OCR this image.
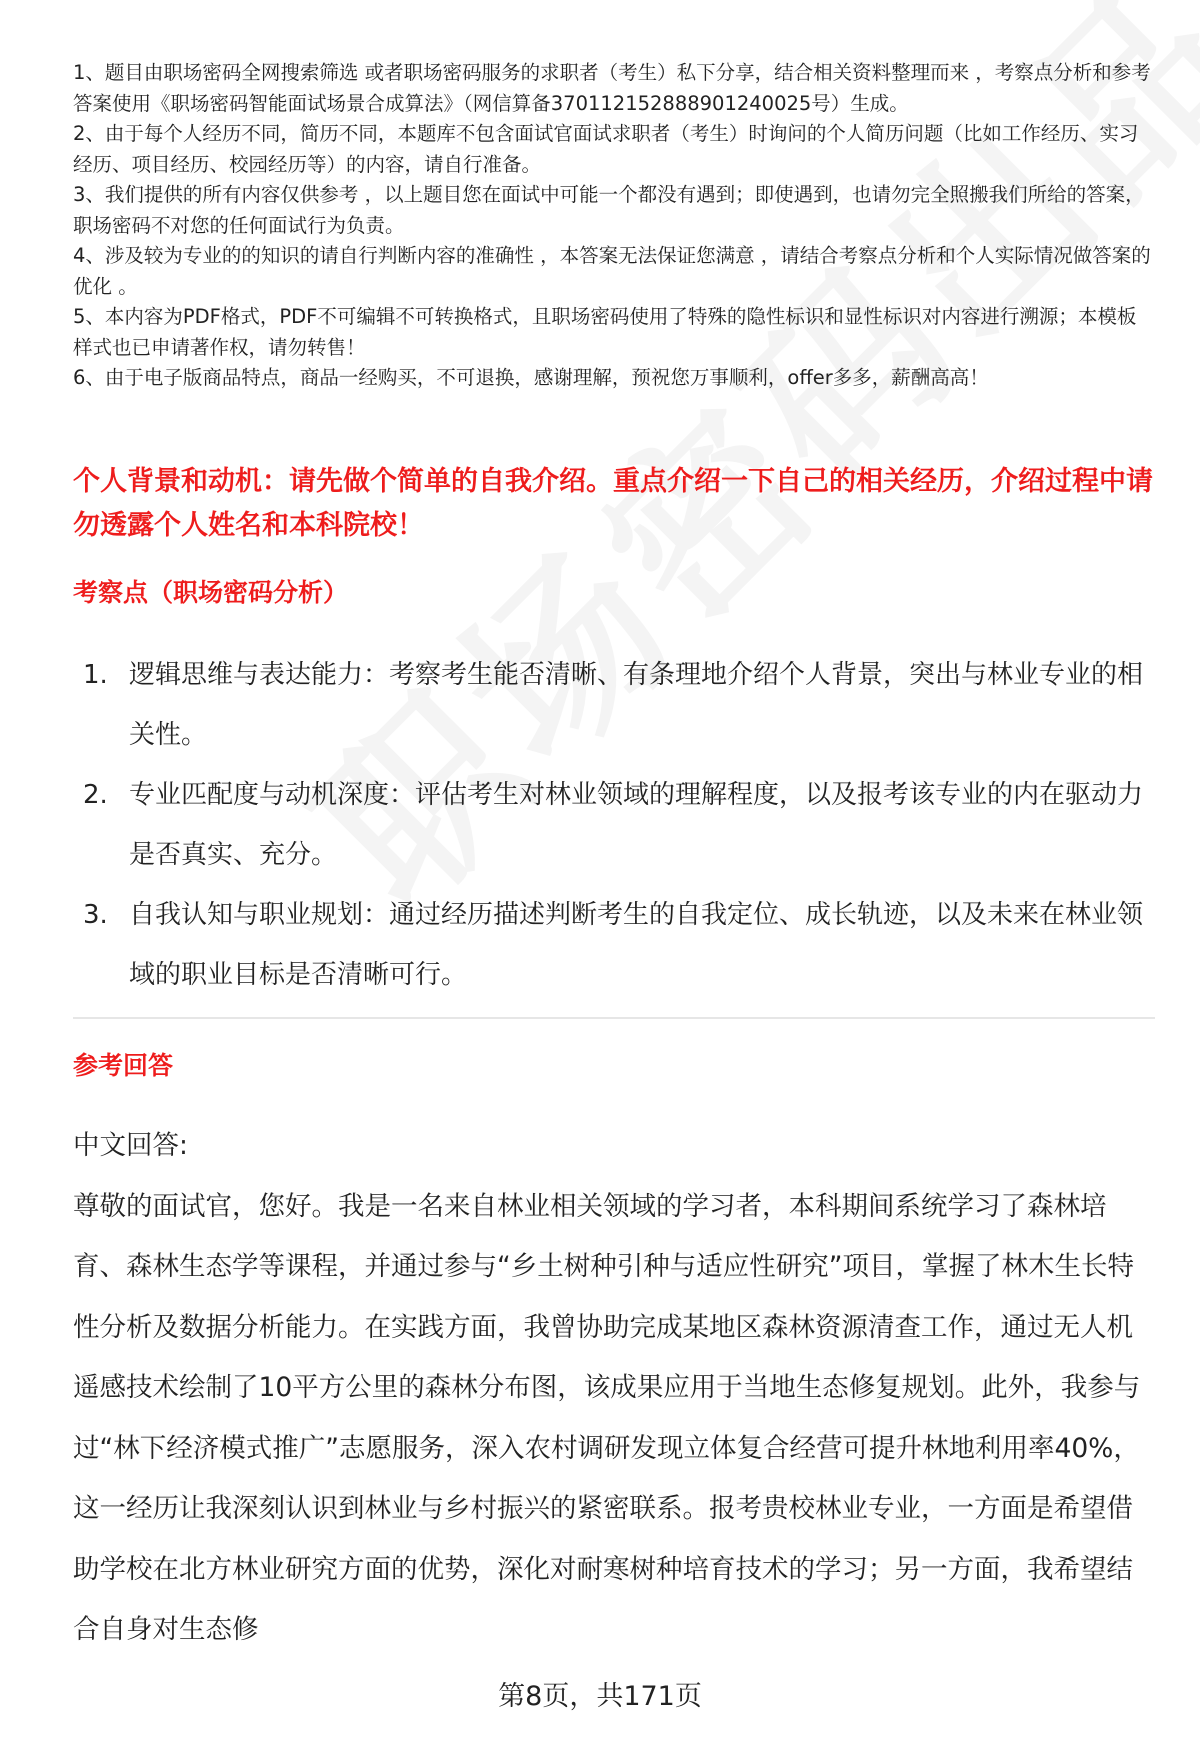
1、题目由职场密码全网搜索筛选 或者职场密码服务的求职者（考生）私下分享，结合相关资料整理而来 ，考察点分析和参考答案使用《职场密码智能面试场景合成算法》（网信算备370112152888901240025号）生成。

2、由于每个人经历不同，简历不同，本题库不包含面试官面试求职者（考生）时询问的个人简历问题（比如工作经历、实习经历、项目经历、校园经历等）的内容，请自行准备。

3、我们提供的所有内容仅供参考 ，以上题目您在面试中可能一个都没有遇到；即使遇到，也请勿完全照搬我们所给的答案，职场密码不对您的任何面试行为负责。

4、涉及较为专业的的知识的请自行判断内容的准确性 ，本答案无法保证您满意 ，请结合考察点分析和个人实际情况做答案的优化 。

5、本内容为PDF格式，PDF不可编辑不可转换格式，且职场密码使用了特殊的隐性标识和显性标识对内容进行溯源；本模板样式也已申请著作权，请勿转售！

6、由于电子版商品特点，商品一经购买，不可退换，感谢理解，预祝您万事顺利，offer多多，薪酬高高！

个人背景和动机：请先做个简单的自我介绍。重点介绍一下自己的相关经历，介绍过程中请勿透露个人姓名和本科院校！
考察点（职场密码分析）
1. 逻辑思维与表达能力：考察考生能否清晰、有条理地介绍个人背景，突出与林业专业的相关性。
2. 专业匹配度与动机深度：评估考生对林业领域的理解程度，以及报考该专业的内在驱动力是否真实、充分。
3. 自我认知与职业规划：通过经历描述判断考生的自我定位、成长轨迹，以及未来在林业领域的职业目标是否清晰可行。
参考回答

中文回答:

尊敬的面试官，您好。我是一名来自林业相关领域的学习者，本科期间系统学习了森林培育、森林生态学等课程，并通过参与“乡土树种引种与适应性研究”项目，掌握了林木生长特性分析及数据分析能力。在实践方面，我曾协助完成某地区森林资源清查工作，通过无人机遥感技术绘制了10平方公里的森林分布图，该成果应用于当地生态修复规划。此外，我参与过“林下经济模式推广”志愿服务，深入农村调研发现立体复合经营可提升林地利用率40%，这一经历让我深刻认识到林业与乡村振兴的紧密联系。报考贵校林业专业，一方面是希望借助学校在北方林业研究方面的优势，深化对耐寒树种培育技术的学习；另一方面，我希望结合自身对生态修

第8页，共171页
